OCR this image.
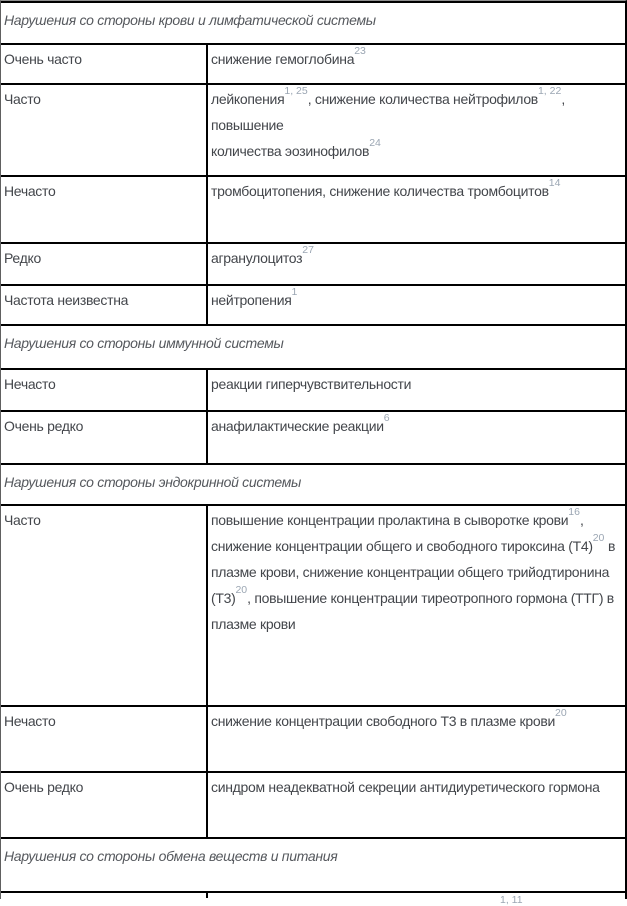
1, 11
Нарушения со стороны крови и лимфатической системы
Очень часто	снижение гемоглобина$^{23}$
Часто	лейкопения$^{1, 25}$, снижение количества нейтрофилов$^{1, 22}$, повышение
количества эозинофилов$^{24}$
Нечасто	тромбоцитопения, снижение количества тромбоцитов$^{14}$
Редко	агранулоцитоз$^{27}$
Частота неизвестна	нейтропения$^1$
Нарушения со стороны иммунной системы
Нечасто	реакции гиперчувствительности
Очень редко	анафилактические реакции$^6$
Нарушения со стороны эндокринной системы
Часто	повышение концентрации пролактина в сыворотке крови$^{16}$,
снижение концентрации общего и свободного тироксина $(Т4)^{20}$ в
плазме крови, снижение концентрации общего трийодтиронина
$(Т3)^{20}$, повышение концентрации тиреотропного гормона (ТТГ) в
плазме крови
Нечасто	снижение концентрации свободного Т3 в плазме крови$^{20}$
Очень редко	синдром неадекватной секреции антидиуретического гормона
Нарушения со стороны обмена веществ и питания
